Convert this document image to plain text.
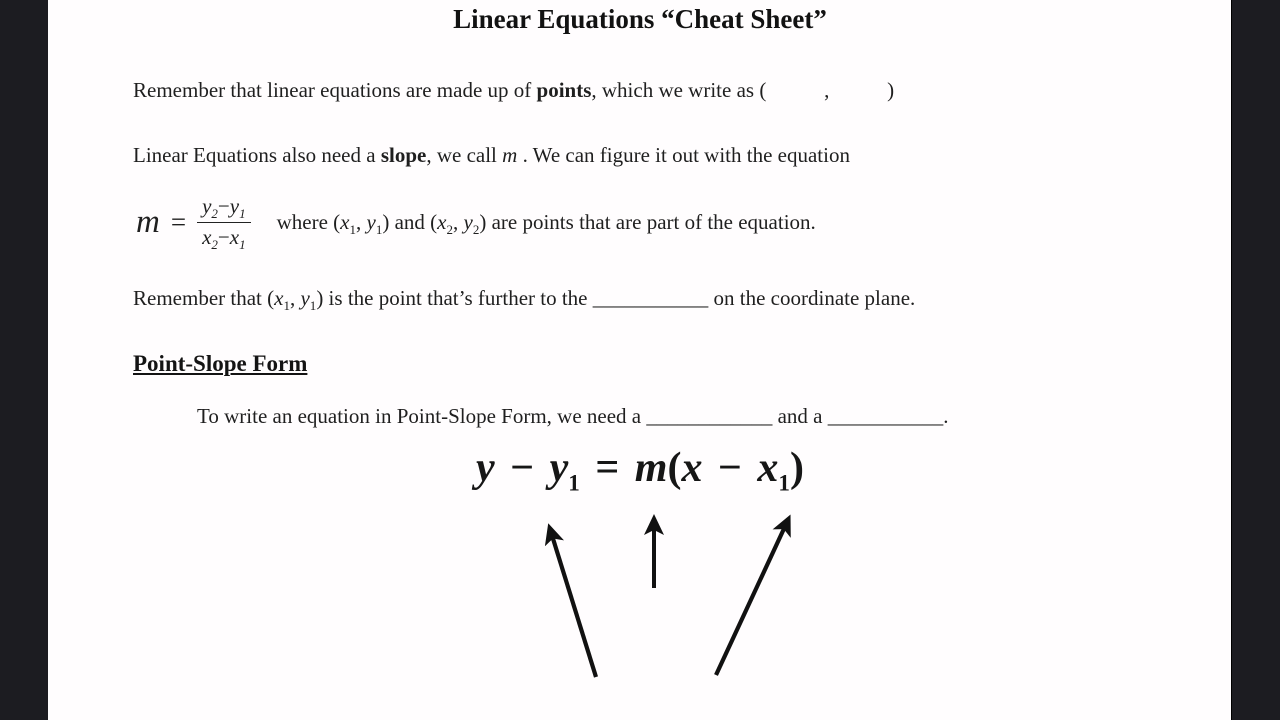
Linear Equations “Cheat Sheet”

Remember that linear equations are made up of points, which we write as (	,	)

Linear Equations also need a slope, we call m . We can figure it out with the equation

$m = \frac{y_2-y_1}{x_2-x_1}$ where ($x_1$, $y_1$) and ($x_2$, $y_2$) are points that are part of the equation.

Remember that ($x_1$, $y_1$) is the point that’s further to the ___________ on the coordinate plane.

Point-Slope Form

To write an equation in Point-Slope Form, we need a ____________ and a ___________.

$y - y_1 = m(x - x_1)$
